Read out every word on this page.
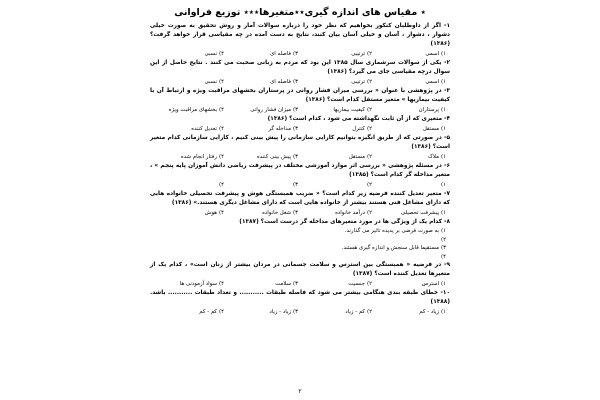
٭ مقیاس های اندازه گیری٭٭متغیرها٭٭٭ توزیع فراوانی

۱- اگر از داوطلبان کنکور بخواهیم که نظر خود را درباره سوالات آمار و روش تحقیق به صورت خیلی دشوار ، دشوار ، آسان و خیلی آسان بیان کنند، نتایج به دست آمده در چه مقیاسی قرار خواهد گرفت؟ (۱۳۸۶)

۱)اسمی
۲)ترتیبی
۳)فاصله ای
۴)نسبی

۲- یکی از سوالات سرشماری سال ۱۳۸۵ این بود که مردم به زبانی صحبت می کنند . نتایج حاصل از این سوال درچه مقیاسی جای می گیرد؟ (۱۳۸۶)

۱)اسمی
۲)ترتیبی
۳)فاصله ای
۴)نسبی

۳- در پژوهشی با عنوان « بررسی میزان فشار روانی در پرستاران بخشهای مراقبت ویژه و ارتباط آن با کیفیت بیماریها » متغیر مستقل کدام است؟ (۱۳۸۶)

۱)پرستاران
۲)کیفیت بیماریها
۳)میزان فشار روانی
۴)بخشهای مراقبت ویژه

۴- متغیری که از آن ثابت نگهداشته می شود ، کدام است؟ (۱۳۸۶)

۱)مستقل
۲)کنترل
۳)مداخله گر
۴)تعدیل کننده

۵- در صورتی که از طریق انگیزه بتوانیم کارایی سازمانی را پیش بینی کنیم ، کارایی سازمانی کدام متغیر است؟ (۱۳۸۶)

۱)ملاک
۲)مستقل
۳)پیش بینی کننده
۴)رفتار انجام شده

۶- در مسئله پژوهشی « بررسی اثر موارد آموزشی مختلف در پیشرفت ریاضی دانش آموزان پایه پنجم » ، متغیر مداخله گر کدام است؟ (۱۳۸۵)

۱)
۲)
۳)
۴)

۷- متغیر تعدیل کننده فرضیه زیر کدام است؟ « ضریب همبستگی هوش و پیشرفت تحصیلی خانواده هایی که دارای مشاغل فنی هستند بیشتر از خانواده هایی است که دارای مشاغل دیگری هستند.» (۱۳۸۶)

۱)پیشرفت تحصیلی
۲)درآمد خانواده
۳)شغل خانواده
۴)هوش

۸- کدام یک از ویژگی ها در مورد متغیرهای مداخله گر درست است؟ (۱۳۸۷)

۱)به صورت فرضی بر پدیده تاثیر می گذارند.
۲)
۳)مستقیما قابل سنجش و اندازه گیری هستند.
۴)

۹- در فرضیه « همبستگی بین استرس و سلامت جسمانی در مردان بیشتر از زنان است» ، کدام یک از متغیرها تعدیل کننده است؟ (۱۳۸۷)

۱)استرس
۲)جنسیت
۳)سلامت
۴)سواد آزمودنی ها

۱۰- خطای طبقه بندی هنگامی بیشتر می شود که فاصله طبقات ........... و تعداد طبقات ........... باشد. (۱۳۸۸)

۱)زیاد - کم
۲)کم - زیاد
۳)زیاد - زیاد
۴)کم - کم
۲
